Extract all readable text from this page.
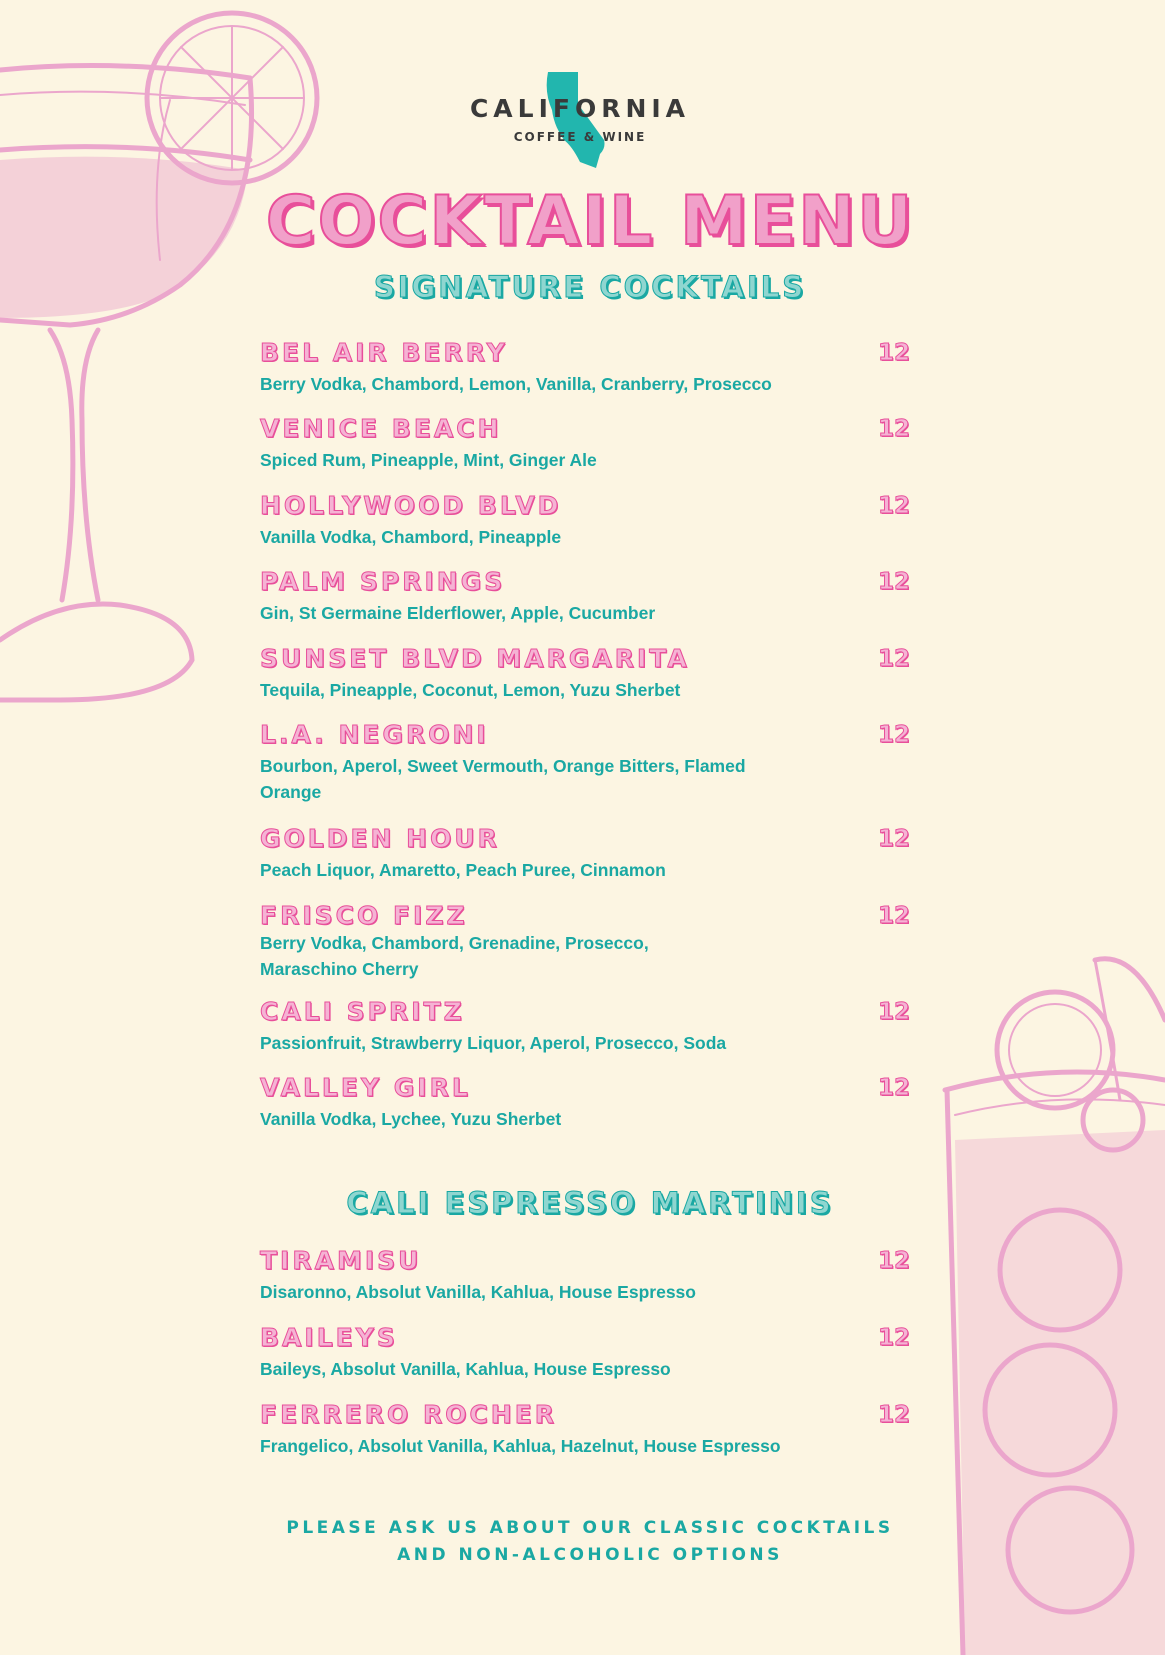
CALIFORNIA
COFFEE & WINE
COCKTAIL MENU
SIGNATURE COCKTAILS
BEL AIR BERRY	12
Berry Vodka, Chambord, Lemon, Vanilla, Cranberry, Prosecco
VENICE BEACH	12
Spiced Rum, Pineapple, Mint, Ginger Ale
HOLLYWOOD BLVD	12
Vanilla Vodka, Chambord, Pineapple
PALM SPRINGS	12
Gin, St Germaine Elderflower, Apple, Cucumber
SUNSET BLVD MARGARITA	12
Tequila, Pineapple, Coconut, Lemon, Yuzu Sherbet
L.A. NEGRONI	12
Bourbon, Aperol, Sweet Vermouth, Orange Bitters, Flamed Orange
GOLDEN HOUR	12
Peach Liquor, Amaretto, Peach Puree, Cinnamon
FRISCO FIZZ	12
Berry Vodka, Chambord, Grenadine, Prosecco, Maraschino Cherry
CALI SPRITZ	12
Passionfruit, Strawberry Liquor, Aperol, Prosecco, Soda
VALLEY GIRL	12
Vanilla Vodka, Lychee, Yuzu Sherbet
CALI ESPRESSO MARTINIS
TIRAMISU	12
Disaronno, Absolut Vanilla, Kahlua, House Espresso
BAILEYS	12
Baileys, Absolut Vanilla, Kahlua, House Espresso
FERRERO ROCHER	12
Frangelico, Absolut Vanilla, Kahlua, Hazelnut, House Espresso
PLEASE ASK US ABOUT OUR CLASSIC COCKTAILS
AND NON-ALCOHOLIC OPTIONS
